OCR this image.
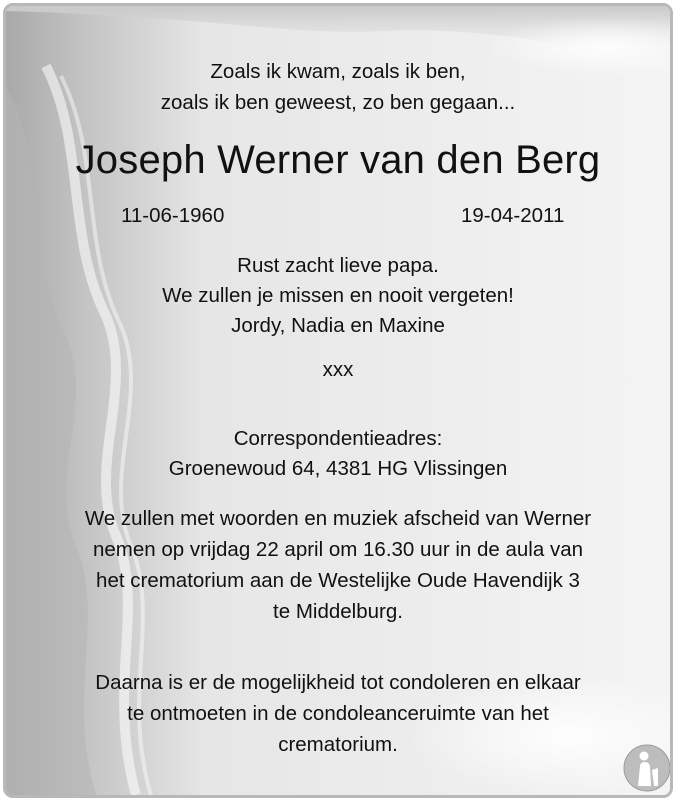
Zoals ik kwam, zoals ik ben,
zoals ik ben geweest, zo ben gegaan...

Joseph Werner van den Berg

11-06-1960	19-04-2011

Rust zacht lieve papa.
We zullen je missen en nooit vergeten!
Jordy, Nadia en Maxine

xxx

Correspondentieadres:
Groenewoud 64, 4381 HG Vlissingen

We zullen met woorden en muziek afscheid van Werner
nemen op vrijdag 22 april om 16.30 uur in de aula van
het crematorium aan de Westelijke Oude Havendijk 3
te Middelburg.

Daarna is er de mogelijkheid tot condoleren en elkaar
te ontmoeten in de condoleanceruimte van het
crematorium.
